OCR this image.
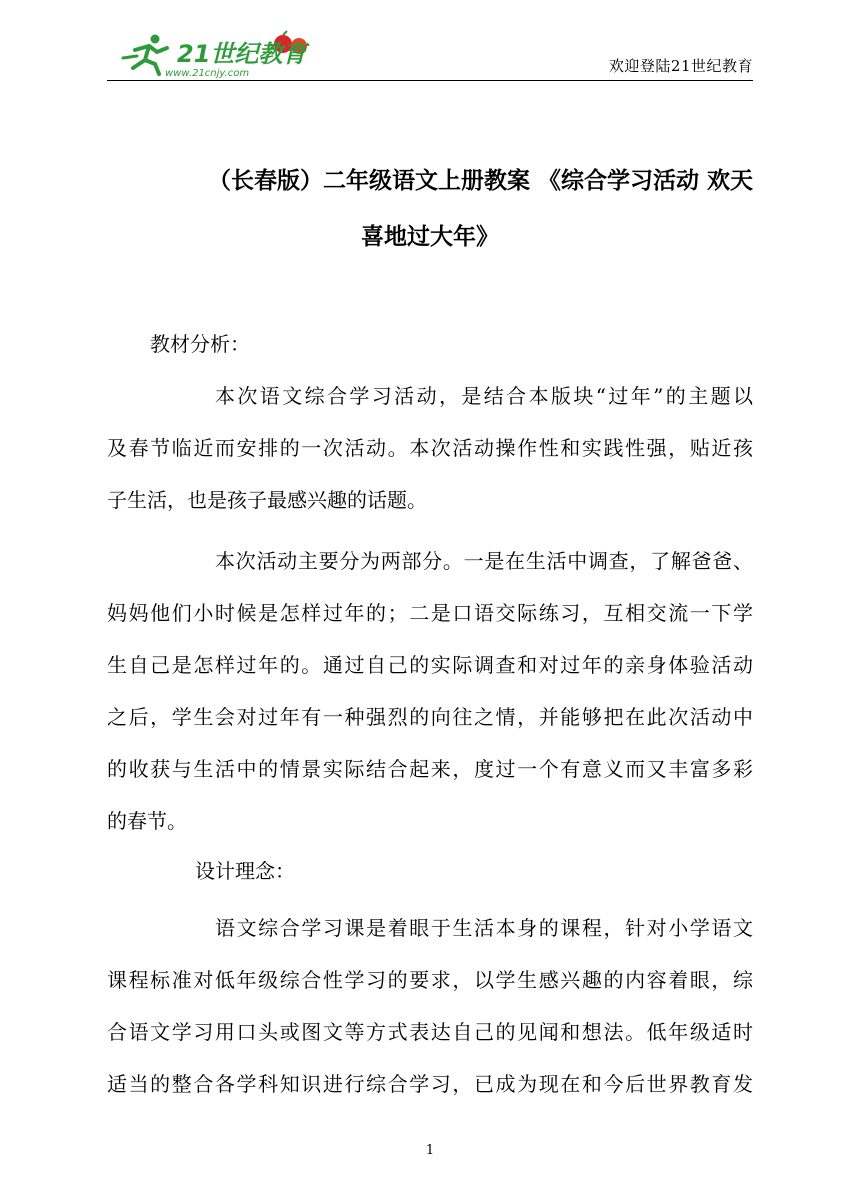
21世纪教育
www.21cnjy.com	欢迎登陆21世纪教育
（长春版）二年级语文上册教案 《综合学习活动 欢天
喜地过大年》
教材分析：
本次语文综合学习活动，是结合本版块“过年”的主题以
及春节临近而安排的一次活动。本次活动操作性和实践性强，贴近孩
子生活，也是孩子最感兴趣的话题。
本次活动主要分为两部分。一是在生活中调查，了解爸爸、
妈妈他们小时候是怎样过年的；二是口语交际练习，互相交流一下学
生自己是怎样过年的。通过自己的实际调查和对过年的亲身体验活动
之后，学生会对过年有一种强烈的向往之情，并能够把在此次活动中
的收获与生活中的情景实际结合起来，度过一个有意义而又丰富多彩
的春节。
设计理念：
语文综合学习课是着眼于生活本身的课程，针对小学语文
课程标准对低年级综合性学习的要求，以学生感兴趣的内容着眼，综
合语文学习用口头或图文等方式表达自己的见闻和想法。低年级适时
适当的整合各学科知识进行综合学习，已成为现在和今后世界教育发
1
